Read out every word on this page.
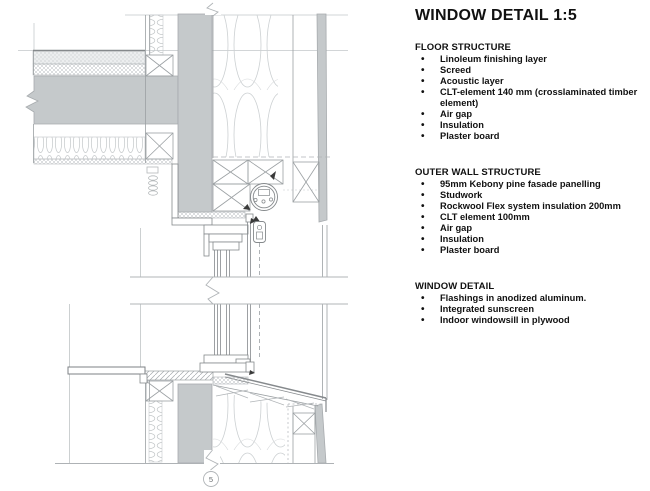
5
WINDOW DETAIL 1:5
FLOOR STRUCTURE
• Linoleum finishing layer
• Screed
• Acoustic layer
• CLT-element 140 mm (crosslaminated timber element)
• Air gap
• Insulation
• Plaster board
OUTER WALL STRUCTURE
• 95mm Kebony pine fasade panelling
• Studwork
• Rockwool Flex system insulation 200mm
• CLT element 100mm
• Air gap
• Insulation
• Plaster board
WINDOW DETAIL
• Flashings in anodized aluminum.
• Integrated sunscreen
• Indoor windowsill in plywood
